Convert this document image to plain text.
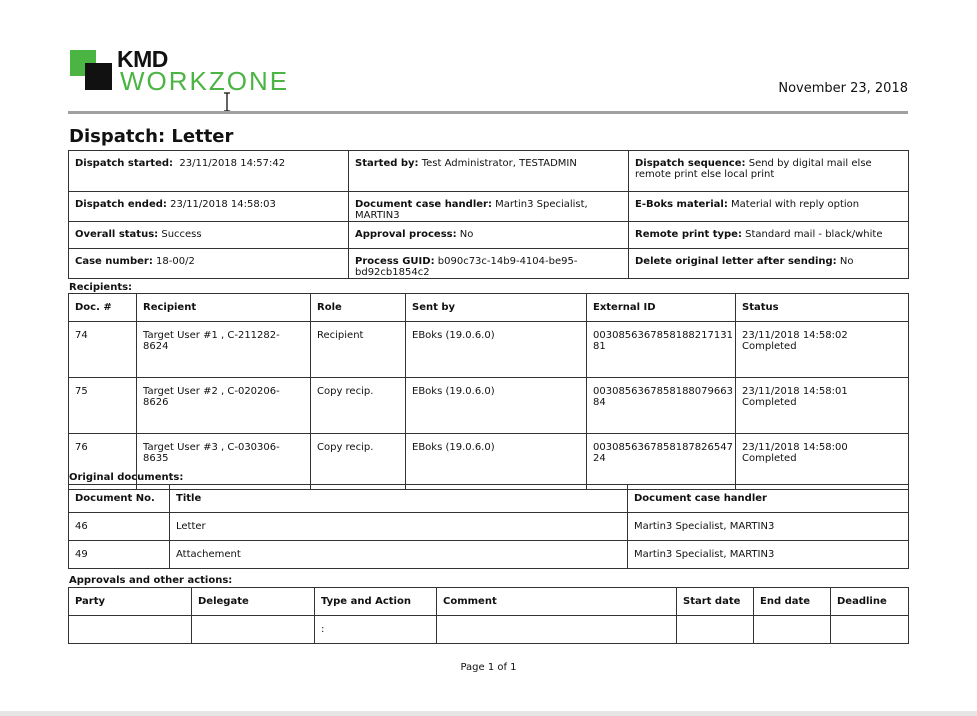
KMD
WORKZONE	November 23, 2018
Dispatch: Letter
Dispatch started: 23/11/2018 14:57:42	Started by: Test Administrator, TESTADMIN	Dispatch sequence: Send by digital mail else remote print else local print
Dispatch ended: 23/11/2018 14:58:03	Document case handler: Martin3 Specialist, MARTIN3	E-Boks material: Material with reply option
Overall status: Success	Approval process: No	Remote print type: Standard mail - black/white
Case number: 18-00/2	Process GUID: b090c73c-14b9-4104-be95-bd92cb1854c2	Delete original letter after sending: No
Recipients:
Doc. #	Recipient	Role	Sent by	External ID	Status
74	Target User #1 , C-211282-8624	Recipient	EBoks (19.0.6.0)	0030856367858188217131 81	23/11/2018 14:58:02 Completed
75	Target User #2 , C-020206-8626	Copy recip.	EBoks (19.0.6.0)	0030856367858188079663 84	23/11/2018 14:58:01 Completed
76	Target User #3 , C-030306-8635	Copy recip.	EBoks (19.0.6.0)	0030856367858187826547 24	23/11/2018 14:58:00 Completed
Original documents:
Document No.	Title	Document case handler
46	Letter	Martin3 Specialist, MARTIN3
49	Attachement	Martin3 Specialist, MARTIN3
Approvals and other actions:
Party	Delegate	Type and Action	Comment	Start date	End date	Deadline
		:				
Page 1 of 1
